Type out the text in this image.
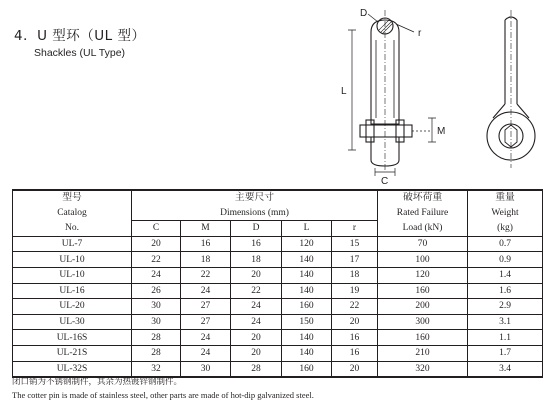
4．U 型环（UL 型）
Shackles (UL Type)
D
r
L
M
C
型号	主要尺寸					破坏荷重	重量
Catalog	Dimensions (mm)					Rated Failure	Weight
No.	C	M	D	L	r	Load (kN)	(kg)
UL-7	20	16	16	120	15	70	0.7
UL-10	22	18	18	140	17	100	0.9
UL-10	24	22	20	140	18	120	1.4
UL-16	26	24	22	140	19	160	1.6
UL-20	30	27	24	160	22	200	2.9
UL-30	30	27	24	150	20	300	3.1
UL-16S	28	24	20	140	16	160	1.1
UL-21S	28	24	20	140	16	210	1.7
UL-32S	32	30	28	160	20	320	3.4
闭口销为不锈钢制件，其余为热镀锌钢制件。
The cotter pin is made of stainless steel, other parts are made of hot-dip galvanized steel.
